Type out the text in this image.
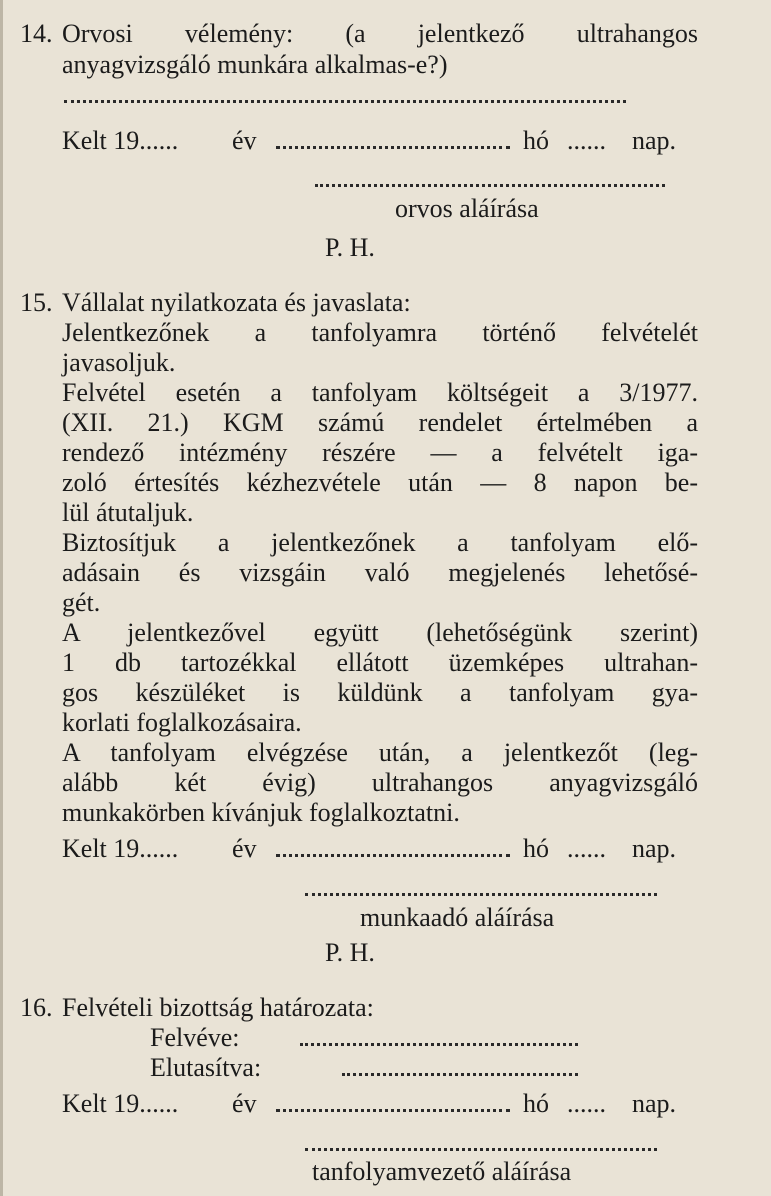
14. Orvosi vélemény: (a jelentkező ultrahangos
anyagvizsgáló munkára alkalmas-e?)
Kelt 19...... év	hó ...... nap.
orvos aláírása
P. H.
15. Vállalat nyilatkozata és javaslata:
Jelentkezőnek a tanfolyamra történő felvételét
javasoljuk.
Felvétel esetén a tanfolyam költségeit a 3/1977.
(XII. 21.) KGM számú rendelet értelmében a
rendező intézmény részére — a felvételt iga-
zoló értesítés kézhezvétele után — 8 napon be-
lül átutaljuk.
Biztosítjuk a jelentkezőnek a tanfolyam elő-
adásain és vizsgáin való megjelenés lehetősé-
gét.
A jelentkezővel együtt (lehetőségünk szerint)
1 db tartozékkal ellátott üzemképes ultrahan-
gos készüléket is küldünk a tanfolyam gya-
korlati foglalkozásaira.
A tanfolyam elvégzése után, a jelentkezőt (leg-
alább két évig) ultrahangos anyagvizsgáló
munkakörben kívánjuk foglalkoztatni.
Kelt 19...... év	hó ...... nap.
munkaadó aláírása
P. H.
16. Felvételi bizottság határozata:
Felvéve:
Elutasítva:
Kelt 19...... év	hó ...... nap.
tanfolyamvezető aláírása
